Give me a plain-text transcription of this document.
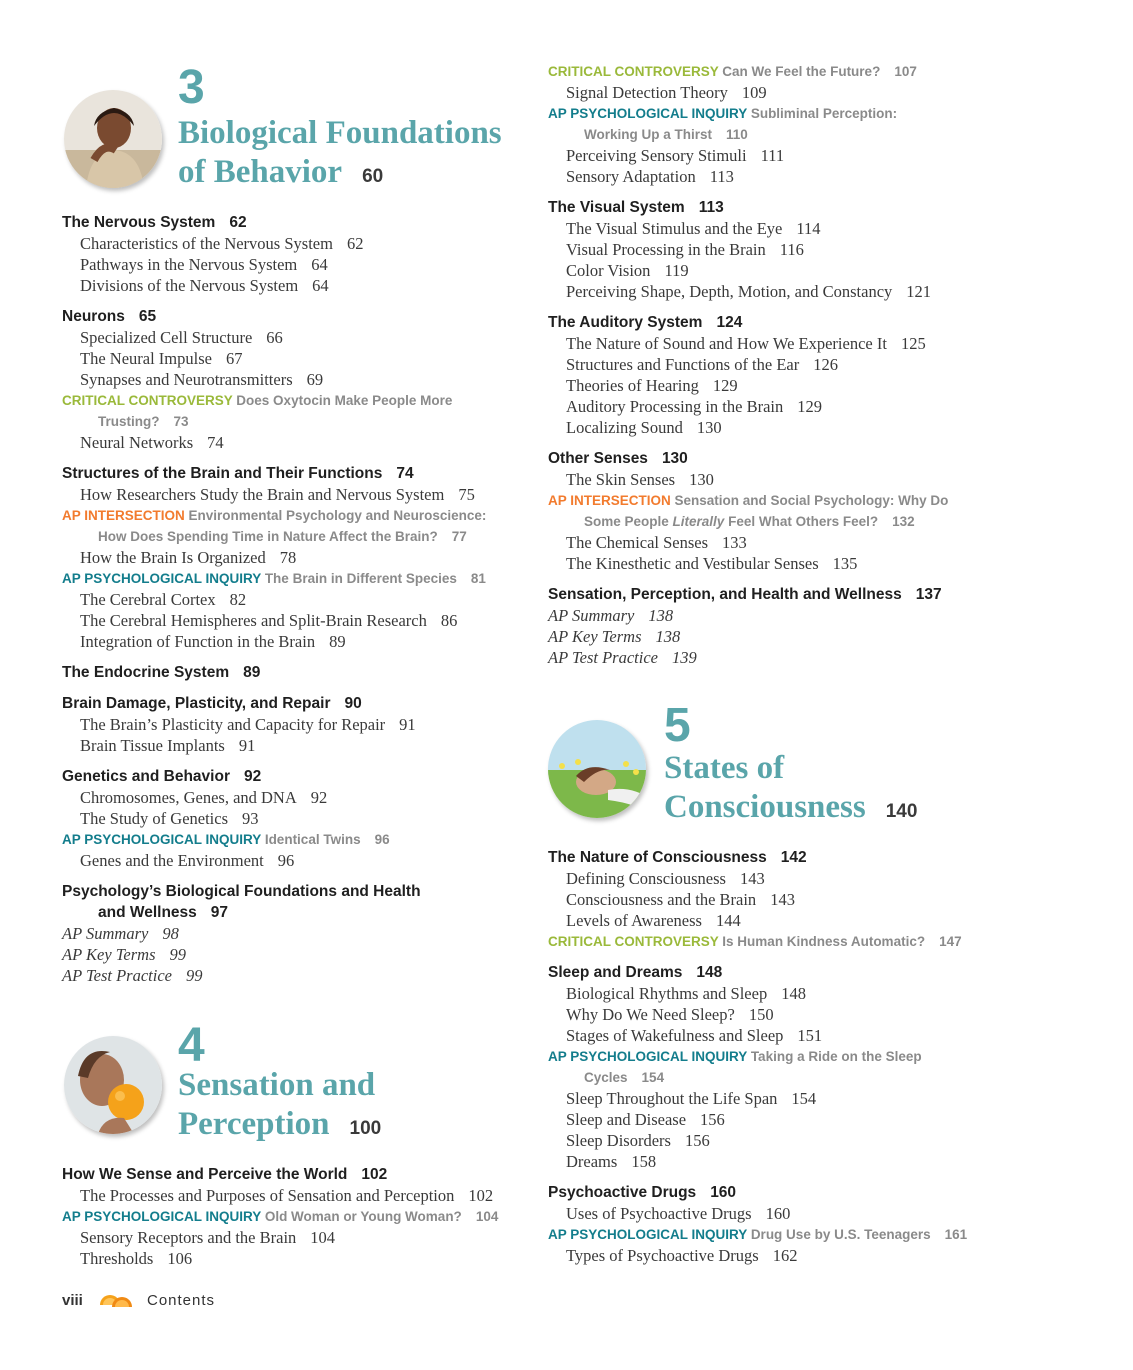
3
Biological Foundations
of Behavior 60
The Nervous System 62
Characteristics of the Nervous System 62
Pathways in the Nervous System 64
Divisions of the Nervous System 64
Neurons 65
Specialized Cell Structure 66
The Neural Impulse 67
Synapses and Neurotransmitters 69
CRITICAL CONTROVERSY Does Oxytocin Make People More
Trusting? 73
Neural Networks 74
Structures of the Brain and Their Functions 74
How Researchers Study the Brain and Nervous System 75
AP INTERSECTION Environmental Psychology and Neuroscience:
How Does Spending Time in Nature Affect the Brain? 77
How the Brain Is Organized 78
AP PSYCHOLOGICAL INQUIRY The Brain in Different Species 81
The Cerebral Cortex 82
The Cerebral Hemispheres and Split-Brain Research 86
Integration of Function in the Brain 89
The Endocrine System 89
Brain Damage, Plasticity, and Repair 90
The Brain’s Plasticity and Capacity for Repair 91
Brain Tissue Implants 91
Genetics and Behavior 92
Chromosomes, Genes, and DNA 92
The Study of Genetics 93
AP PSYCHOLOGICAL INQUIRY Identical Twins 96
Genes and the Environment 96
Psychology’s Biological Foundations and Health
and Wellness 97
AP Summary 98
AP Key Terms 99
AP Test Practice 99
4
Sensation and
Perception 100
How We Sense and Perceive the World 102
The Processes and Purposes of Sensation and Perception 102
AP PSYCHOLOGICAL INQUIRY Old Woman or Young Woman? 104
Sensory Receptors and the Brain 104
Thresholds 106
CRITICAL CONTROVERSY Can We Feel the Future? 107
Signal Detection Theory 109
AP PSYCHOLOGICAL INQUIRY Subliminal Perception:
Working Up a Thirst 110
Perceiving Sensory Stimuli 111
Sensory Adaptation 113
The Visual System 113
The Visual Stimulus and the Eye 114
Visual Processing in the Brain 116
Color Vision 119
Perceiving Shape, Depth, Motion, and Constancy 121
The Auditory System 124
The Nature of Sound and How We Experience It 125
Structures and Functions of the Ear 126
Theories of Hearing 129
Auditory Processing in the Brain 129
Localizing Sound 130
Other Senses 130
The Skin Senses 130
AP INTERSECTION Sensation and Social Psychology: Why Do
Some People Literally Feel What Others Feel? 132
The Chemical Senses 133
The Kinesthetic and Vestibular Senses 135
Sensation, Perception, and Health and Wellness 137
AP Summary 138
AP Key Terms 138
AP Test Practice 139
5
States of
Consciousness 140
The Nature of Consciousness 142
Defining Consciousness 143
Consciousness and the Brain 143
Levels of Awareness 144
CRITICAL CONTROVERSY Is Human Kindness Automatic? 147
Sleep and Dreams 148
Biological Rhythms and Sleep 148
Why Do We Need Sleep? 150
Stages of Wakefulness and Sleep 151
AP PSYCHOLOGICAL INQUIRY Taking a Ride on the Sleep
Cycles 154
Sleep Throughout the Life Span 154
Sleep and Disease 156
Sleep Disorders 156
Dreams 158
Psychoactive Drugs 160
Uses of Psychoactive Drugs 160
AP PSYCHOLOGICAL INQUIRY Drug Use by U.S. Teenagers 161
Types of Psychoactive Drugs 162
viii	Contents
